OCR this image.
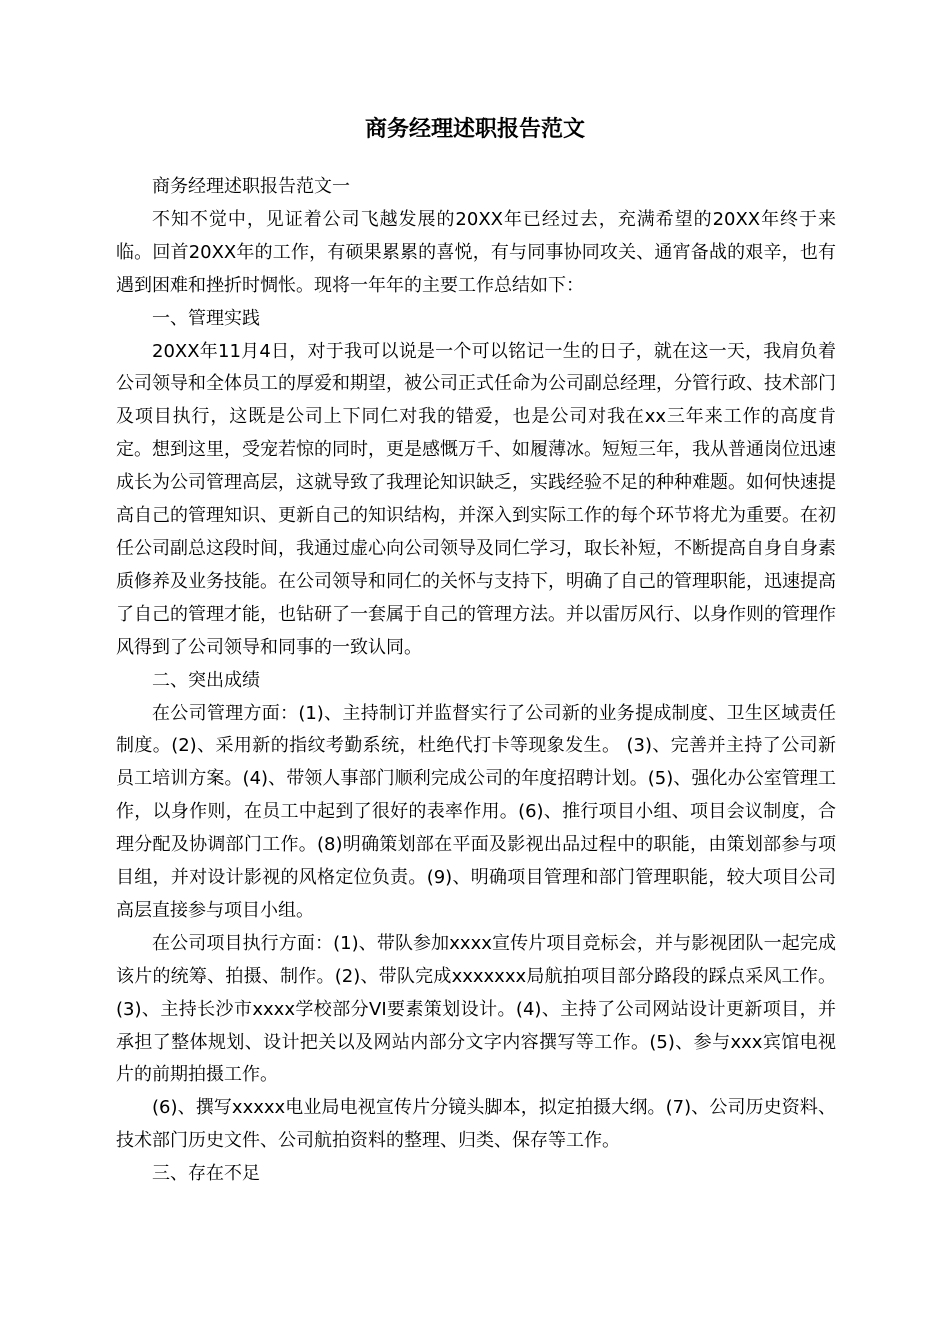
商务经理述职报告范文

商务经理述职报告范文一

不知不觉中，见证着公司飞越发展的20XX年已经过去，充满希望的20XX年终于来临。回首20XX年的工作，有硕果累累的喜悦，有与同事协同攻关、通宵备战的艰辛，也有遇到困难和挫折时惆怅。现将一年年的主要工作总结如下：

一、管理实践

20XX年11月4日，对于我可以说是一个可以铭记一生的日子，就在这一天，我肩负着公司领导和全体员工的厚爱和期望，被公司正式任命为公司副总经理，分管行政、技术部门及项目执行，这既是公司上下同仁对我的错爱，也是公司对我在xx三年来工作的高度肯定。想到这里，受宠若惊的同时，更是感慨万千、如履薄冰。短短三年，我从普通岗位迅速成长为公司管理高层，这就导致了我理论知识缺乏，实践经验不足的种种难题。如何快速提高自己的管理知识、更新自己的知识结构，并深入到实际工作的每个环节将尤为重要。在初任公司副总这段时间，我通过虚心向公司领导及同仁学习，取长补短，不断提高自身自身素质修养及业务技能。在公司领导和同仁的关怀与支持下，明确了自己的管理职能，迅速提高了自己的管理才能，也钻研了一套属于自己的管理方法。并以雷厉风行、以身作则的管理作风得到了公司领导和同事的一致认同。

二、突出成绩

在公司管理方面：(1)、主持制订并监督实行了公司新的业务提成制度、卫生区域责任制度。(2)、采用新的指纹考勤系统，杜绝代打卡等现象发生。 (3)、完善并主持了公司新员工培训方案。(4)、带领人事部门顺利完成公司的年度招聘计划。(5)、强化办公室管理工作，以身作则，在员工中起到了很好的表率作用。(6)、推行项目小组、项目会议制度，合理分配及协调部门工作。(8)明确策划部在平面及影视出品过程中的职能，由策划部参与项目组，并对设计影视的风格定位负责。(9)、明确项目管理和部门管理职能，较大项目公司高层直接参与项目小组。

在公司项目执行方面：(1)、带队参加xxxx宣传片项目竞标会，并与影视团队一起完成该片的统筹、拍摄、制作。(2)、带队完成xxxxxxx局航拍项目部分路段的踩点采风工作。(3)、主持长沙市xxxx学校部分VI要素策划设计。(4)、主持了公司网站设计更新项目，并承担了整体规划、设计把关以及网站内部分文字内容撰写等工作。(5)、参与xxx宾馆电视片的前期拍摄工作。

(6)、撰写xxxxx电业局电视宣传片分镜头脚本，拟定拍摄大纲。(7)、公司历史资料、技术部门历史文件、公司航拍资料的整理、归类、保存等工作。

三、存在不足
